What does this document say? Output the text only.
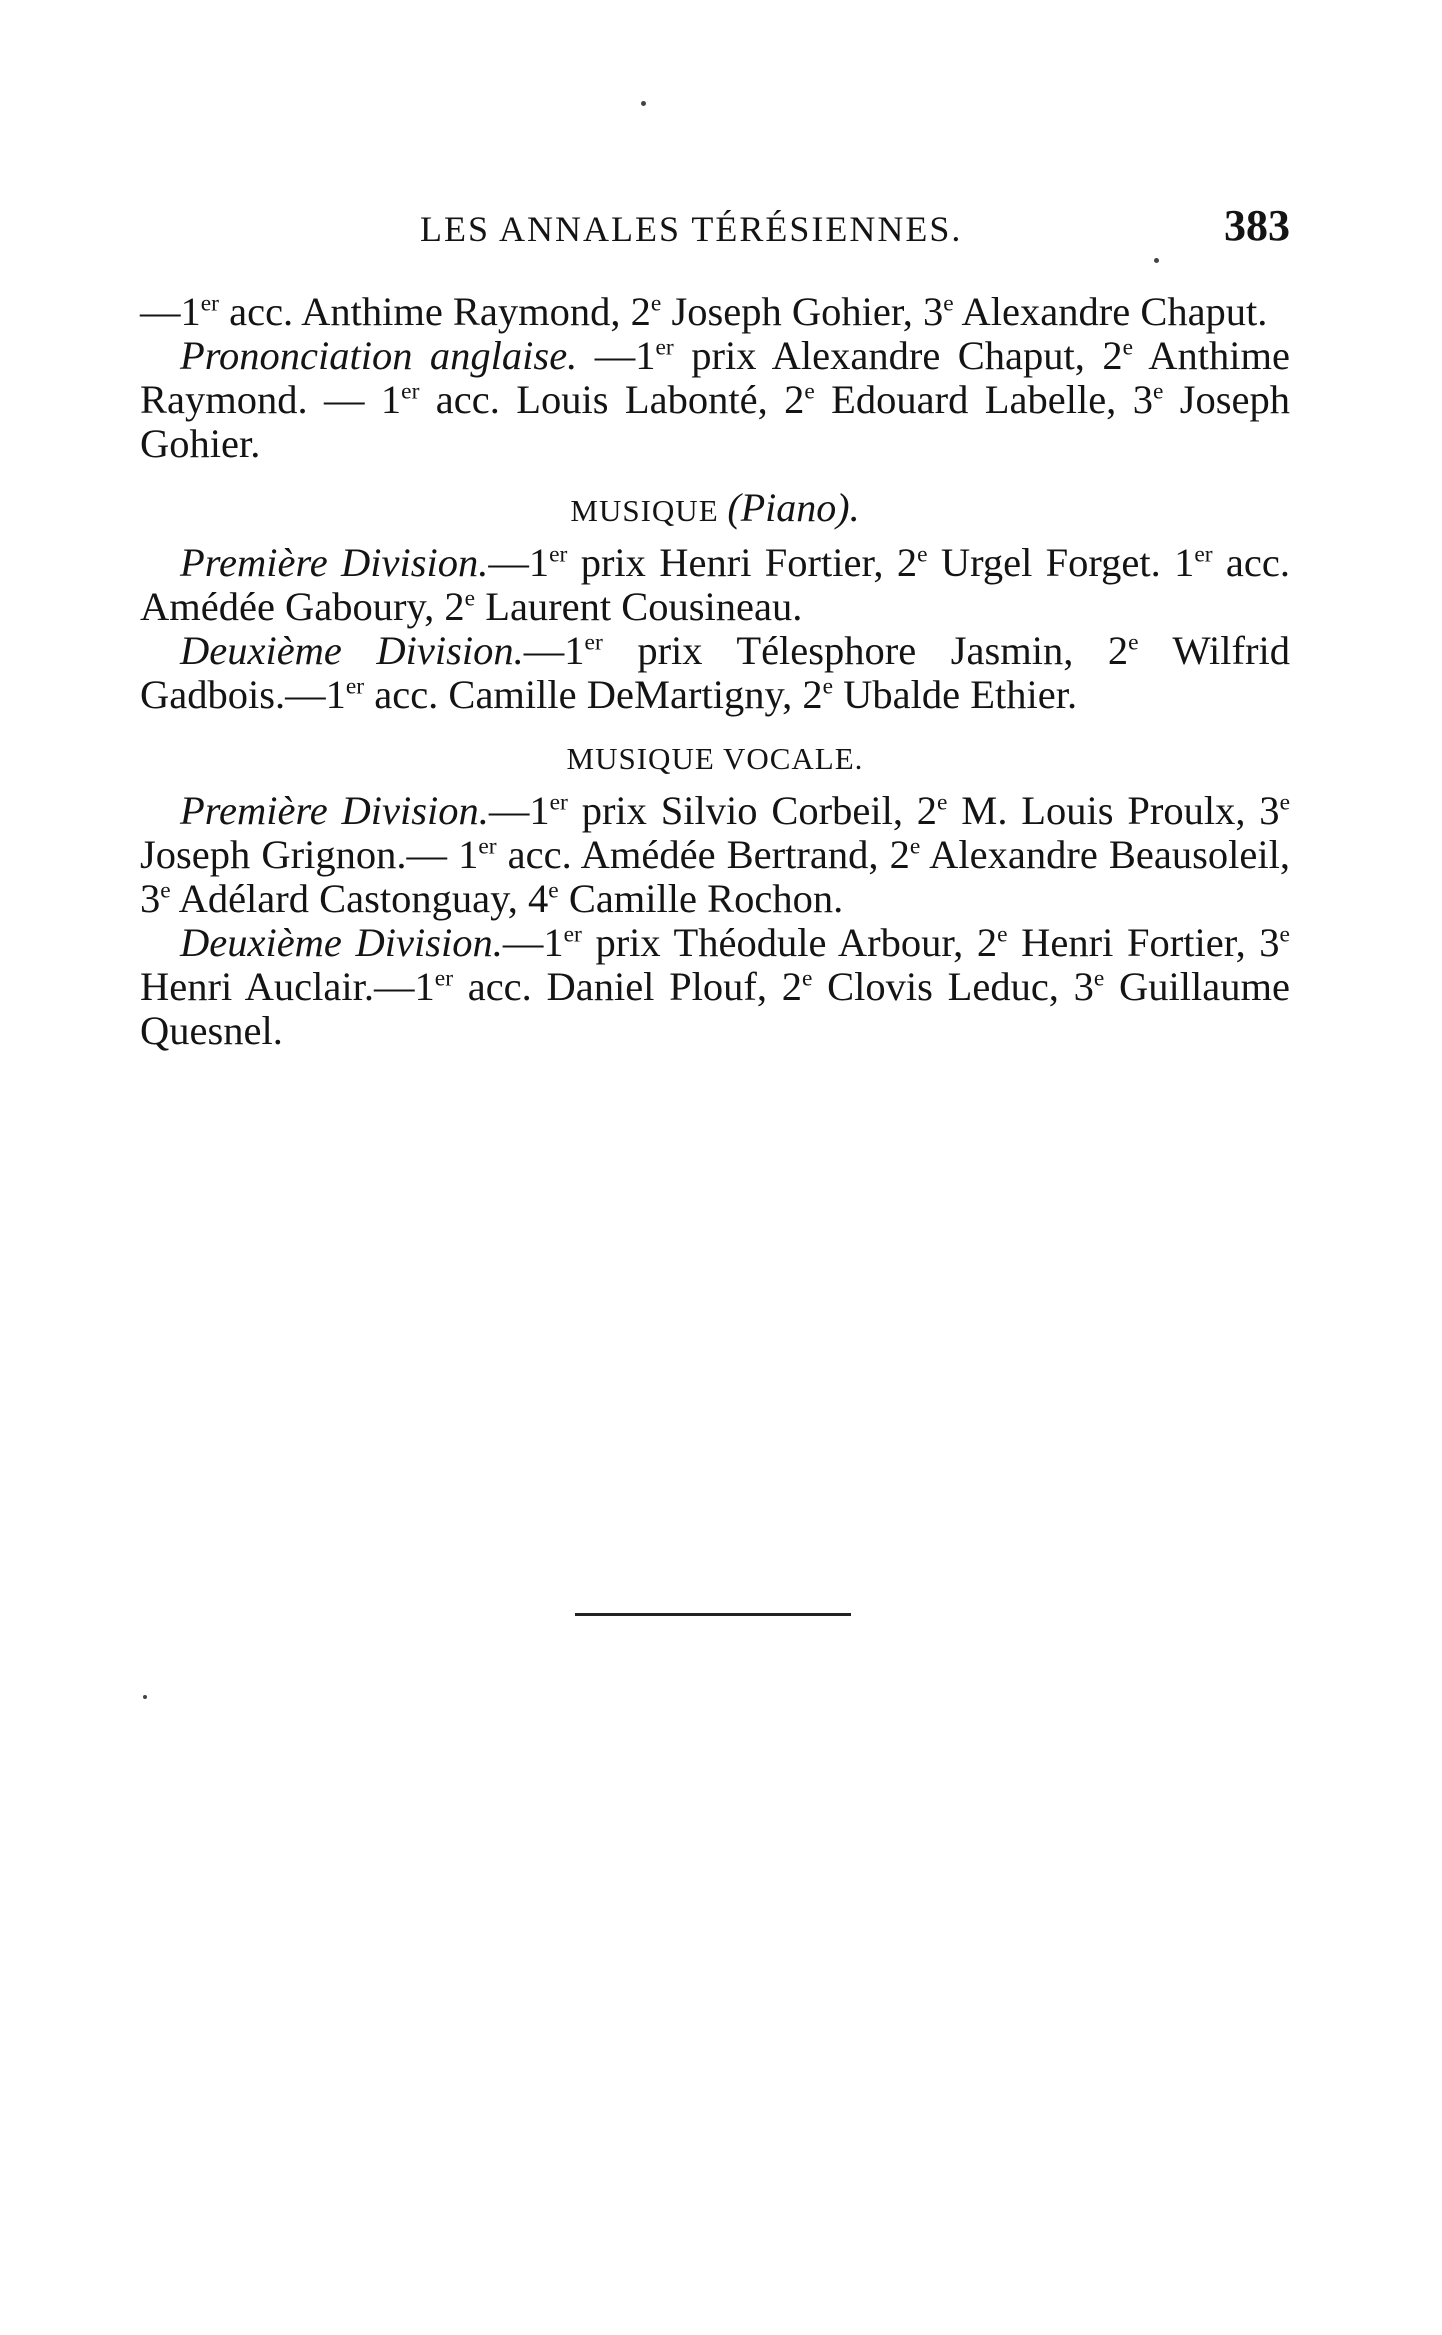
LES ANNALES TÉRÉSIENNES.	383

—1er acc. Anthime Raymond, 2e Joseph Gohier, 3e Alexandre Chaput.

Prononciation anglaise. —1er prix Alexandre Chaput, 2e Anthime Raymond. — 1er acc. Louis Labonté, 2e Edouard Labelle, 3e Joseph Gohier.

MUSIQUE (Piano).

Première Division.—1er prix Henri Fortier, 2e Urgel Forget. 1er acc. Amédée Gaboury, 2e Laurent Cousineau.

Deuxième Division.—1er prix Télesphore Jasmin, 2e Wilfrid Gadbois.—1er acc. Camille DeMartigny, 2e Ubalde Ethier.

MUSIQUE VOCALE.

Première Division.—1er prix Silvio Corbeil, 2e M. Louis Proulx, 3e Joseph Grignon.— 1er acc. Amédée Bertrand, 2e Alexandre Beausoleil, 3e Adélard Castonguay, 4e Camille Rochon.

Deuxième Division.—1er prix Théodule Arbour, 2e Henri Fortier, 3e Henri Auclair.—1er acc. Daniel Plouf, 2e Clovis Leduc, 3e Guillaume Quesnel.
